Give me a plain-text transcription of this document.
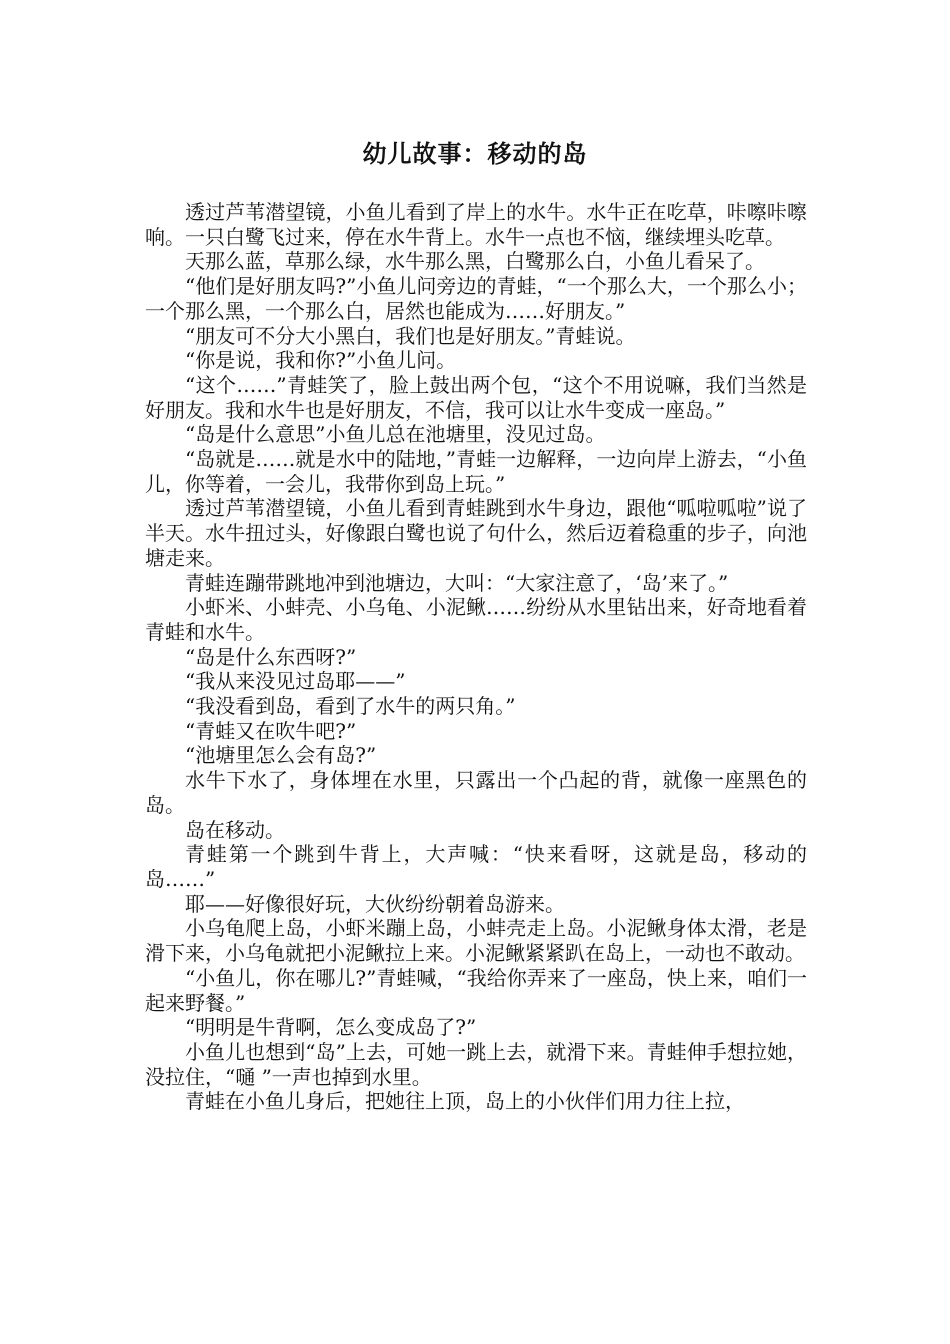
幼儿故事：移动的岛

透过芦苇潜望镜，小鱼儿看到了岸上的水牛。水牛正在吃草，咔嚓咔嚓响。一只白鹭飞过来，停在水牛背上。水牛一点也不恼，继续埋头吃草。

天那么蓝，草那么绿，水牛那么黑，白鹭那么白，小鱼儿看呆了。

“他们是好朋友吗?”小鱼儿问旁边的青蛙，“一个那么大，一个那么小；一个那么黑，一个那么白，居然也能成为……好朋友。”

“朋友可不分大小黑白，我们也是好朋友。”青蛙说。

“你是说，我和你?”小鱼儿问。

“这个……”青蛙笑了，脸上鼓出两个包，“这个不用说嘛，我们当然是好朋友。我和水牛也是好朋友，不信，我可以让水牛变成一座岛。”

“岛是什么意思”小鱼儿总在池塘里，没见过岛。

“岛就是……就是水中的陆地，”青蛙一边解释，一边向岸上游去，“小鱼儿，你等着，一会儿，我带你到岛上玩。”

透过芦苇潜望镜，小鱼儿看到青蛙跳到水牛身边，跟他“呱啦呱啦”说了半天。水牛扭过头，好像跟白鹭也说了句什么，然后迈着稳重的步子，向池塘走来。

青蛙连蹦带跳地冲到池塘边，大叫：“大家注意了，‘岛’来了。”

小虾米、小蚌壳、小乌龟、小泥鳅……纷纷从水里钻出来，好奇地看着青蛙和水牛。

“岛是什么东西呀?”

“我从来没见过岛耶——”

“我没看到岛，看到了水牛的两只角。”

“青蛙又在吹牛吧?”

“池塘里怎么会有岛?”

水牛下水了，身体埋在水里，只露出一个凸起的背，就像一座黑色的岛。

岛在移动。

青蛙第一个跳到牛背上，大声喊：“快来看呀，这就是岛，移动的岛……”

耶——好像很好玩，大伙纷纷朝着岛游来。

小乌龟爬上岛，小虾米蹦上岛，小蚌壳走上岛。小泥鳅身体太滑，老是滑下来，小乌龟就把小泥鳅拉上来。小泥鳅紧紧趴在岛上，一动也不敢动。

“小鱼儿，你在哪儿?”青蛙喊，“我给你弄来了一座岛，快上来，咱们一起来野餐。”

“明明是牛背啊，怎么变成岛了?”

小鱼儿也想到“岛”上去，可她一跳上去，就滑下来。青蛙伸手想拉她，没拉住，“嗵 ”一声也掉到水里。

青蛙在小鱼儿身后，把她往上顶，岛上的小伙伴们用力往上拉，
